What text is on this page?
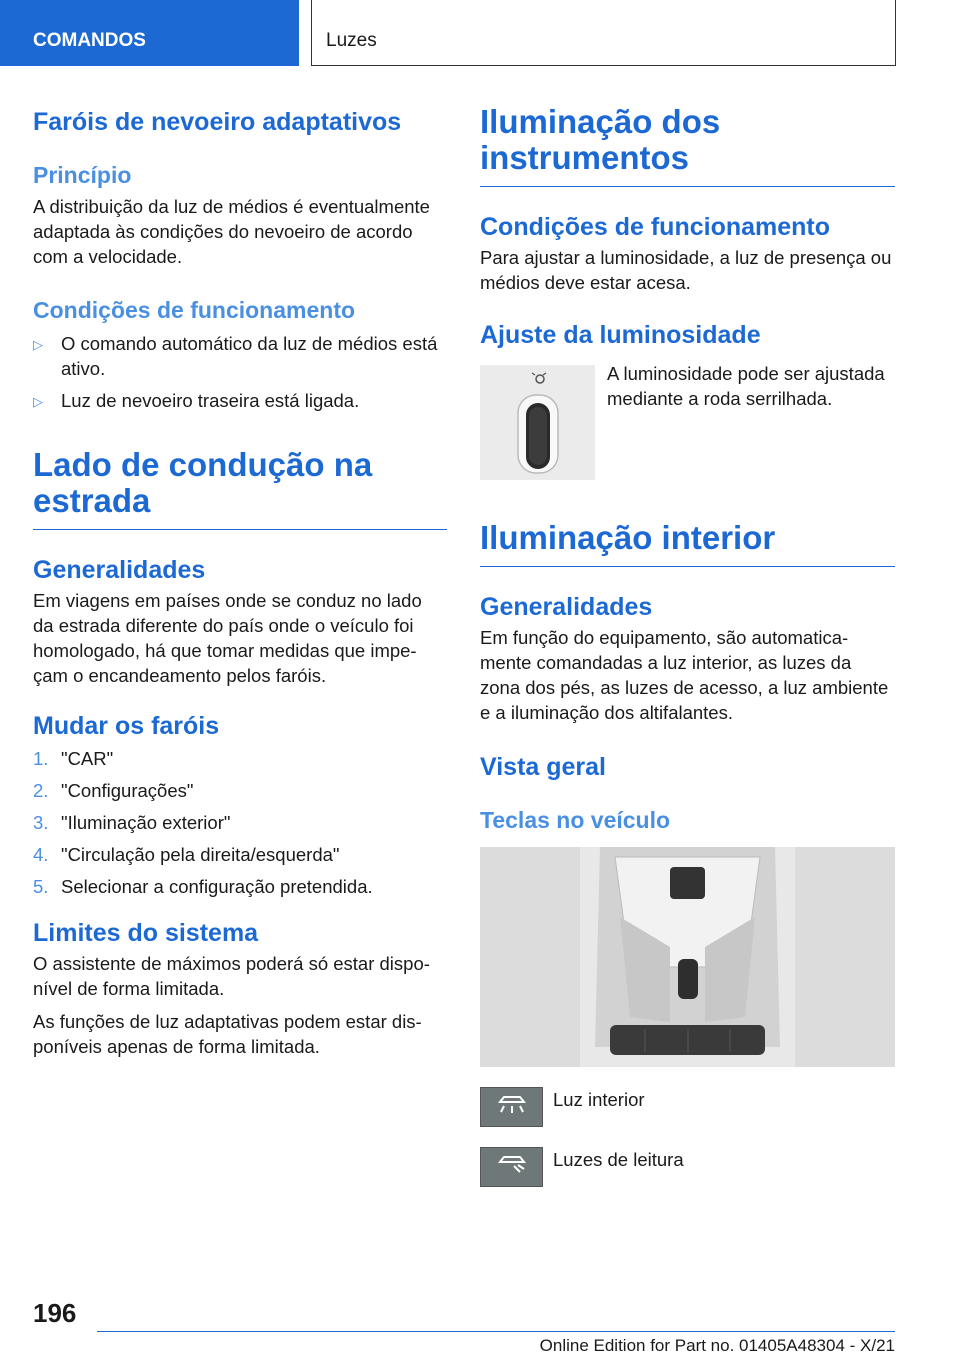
COMANDOS	Luzes
Faróis de nevoeiro adaptativos
Princípio

A distribuição da luz de médios é eventualmente adaptada às condições do nevoeiro de acordo com a velocidade.

Condições de funcionamento
▷ O comando automático da luz de médios está ativo.
▷ Luz de nevoeiro traseira está ligada.
Lado de condução na estrada
Generalidades

Em viagens em países onde se conduz no lado da estrada diferente do país onde o veículo foi homologado, há que tomar medidas que impe- çam o encandeamento pelos faróis.

Mudar os faróis
1. "CAR"
2. "Configurações"
3. "Iluminação exterior"
4. "Circulação pela direita/esquerda"
5. Selecionar a configuração pretendida.
Limites do sistema

O assistente de máximos poderá só estar dispo- nível de forma limitada.

As funções de luz adaptativas podem estar dis- poníveis apenas de forma limitada.

Iluminação dos instrumentos
Condições de funcionamento

Para ajustar a luminosidade, a luz de presença ou médios deve estar acesa.

Ajuste da luminosidade

A luminosidade pode ser ajustada mediante a roda serrilhada.

Iluminação interior
Generalidades

Em função do equipamento, são automatica- mente comandadas a luz interior, as luzes da zona dos pés, as luzes de acesso, a luz ambiente e a iluminação dos altifalantes.

Vista geral
Teclas no veículo
Luz interior
Luzes de leitura
196
Online Edition for Part no. 01405A48304 - X/21
